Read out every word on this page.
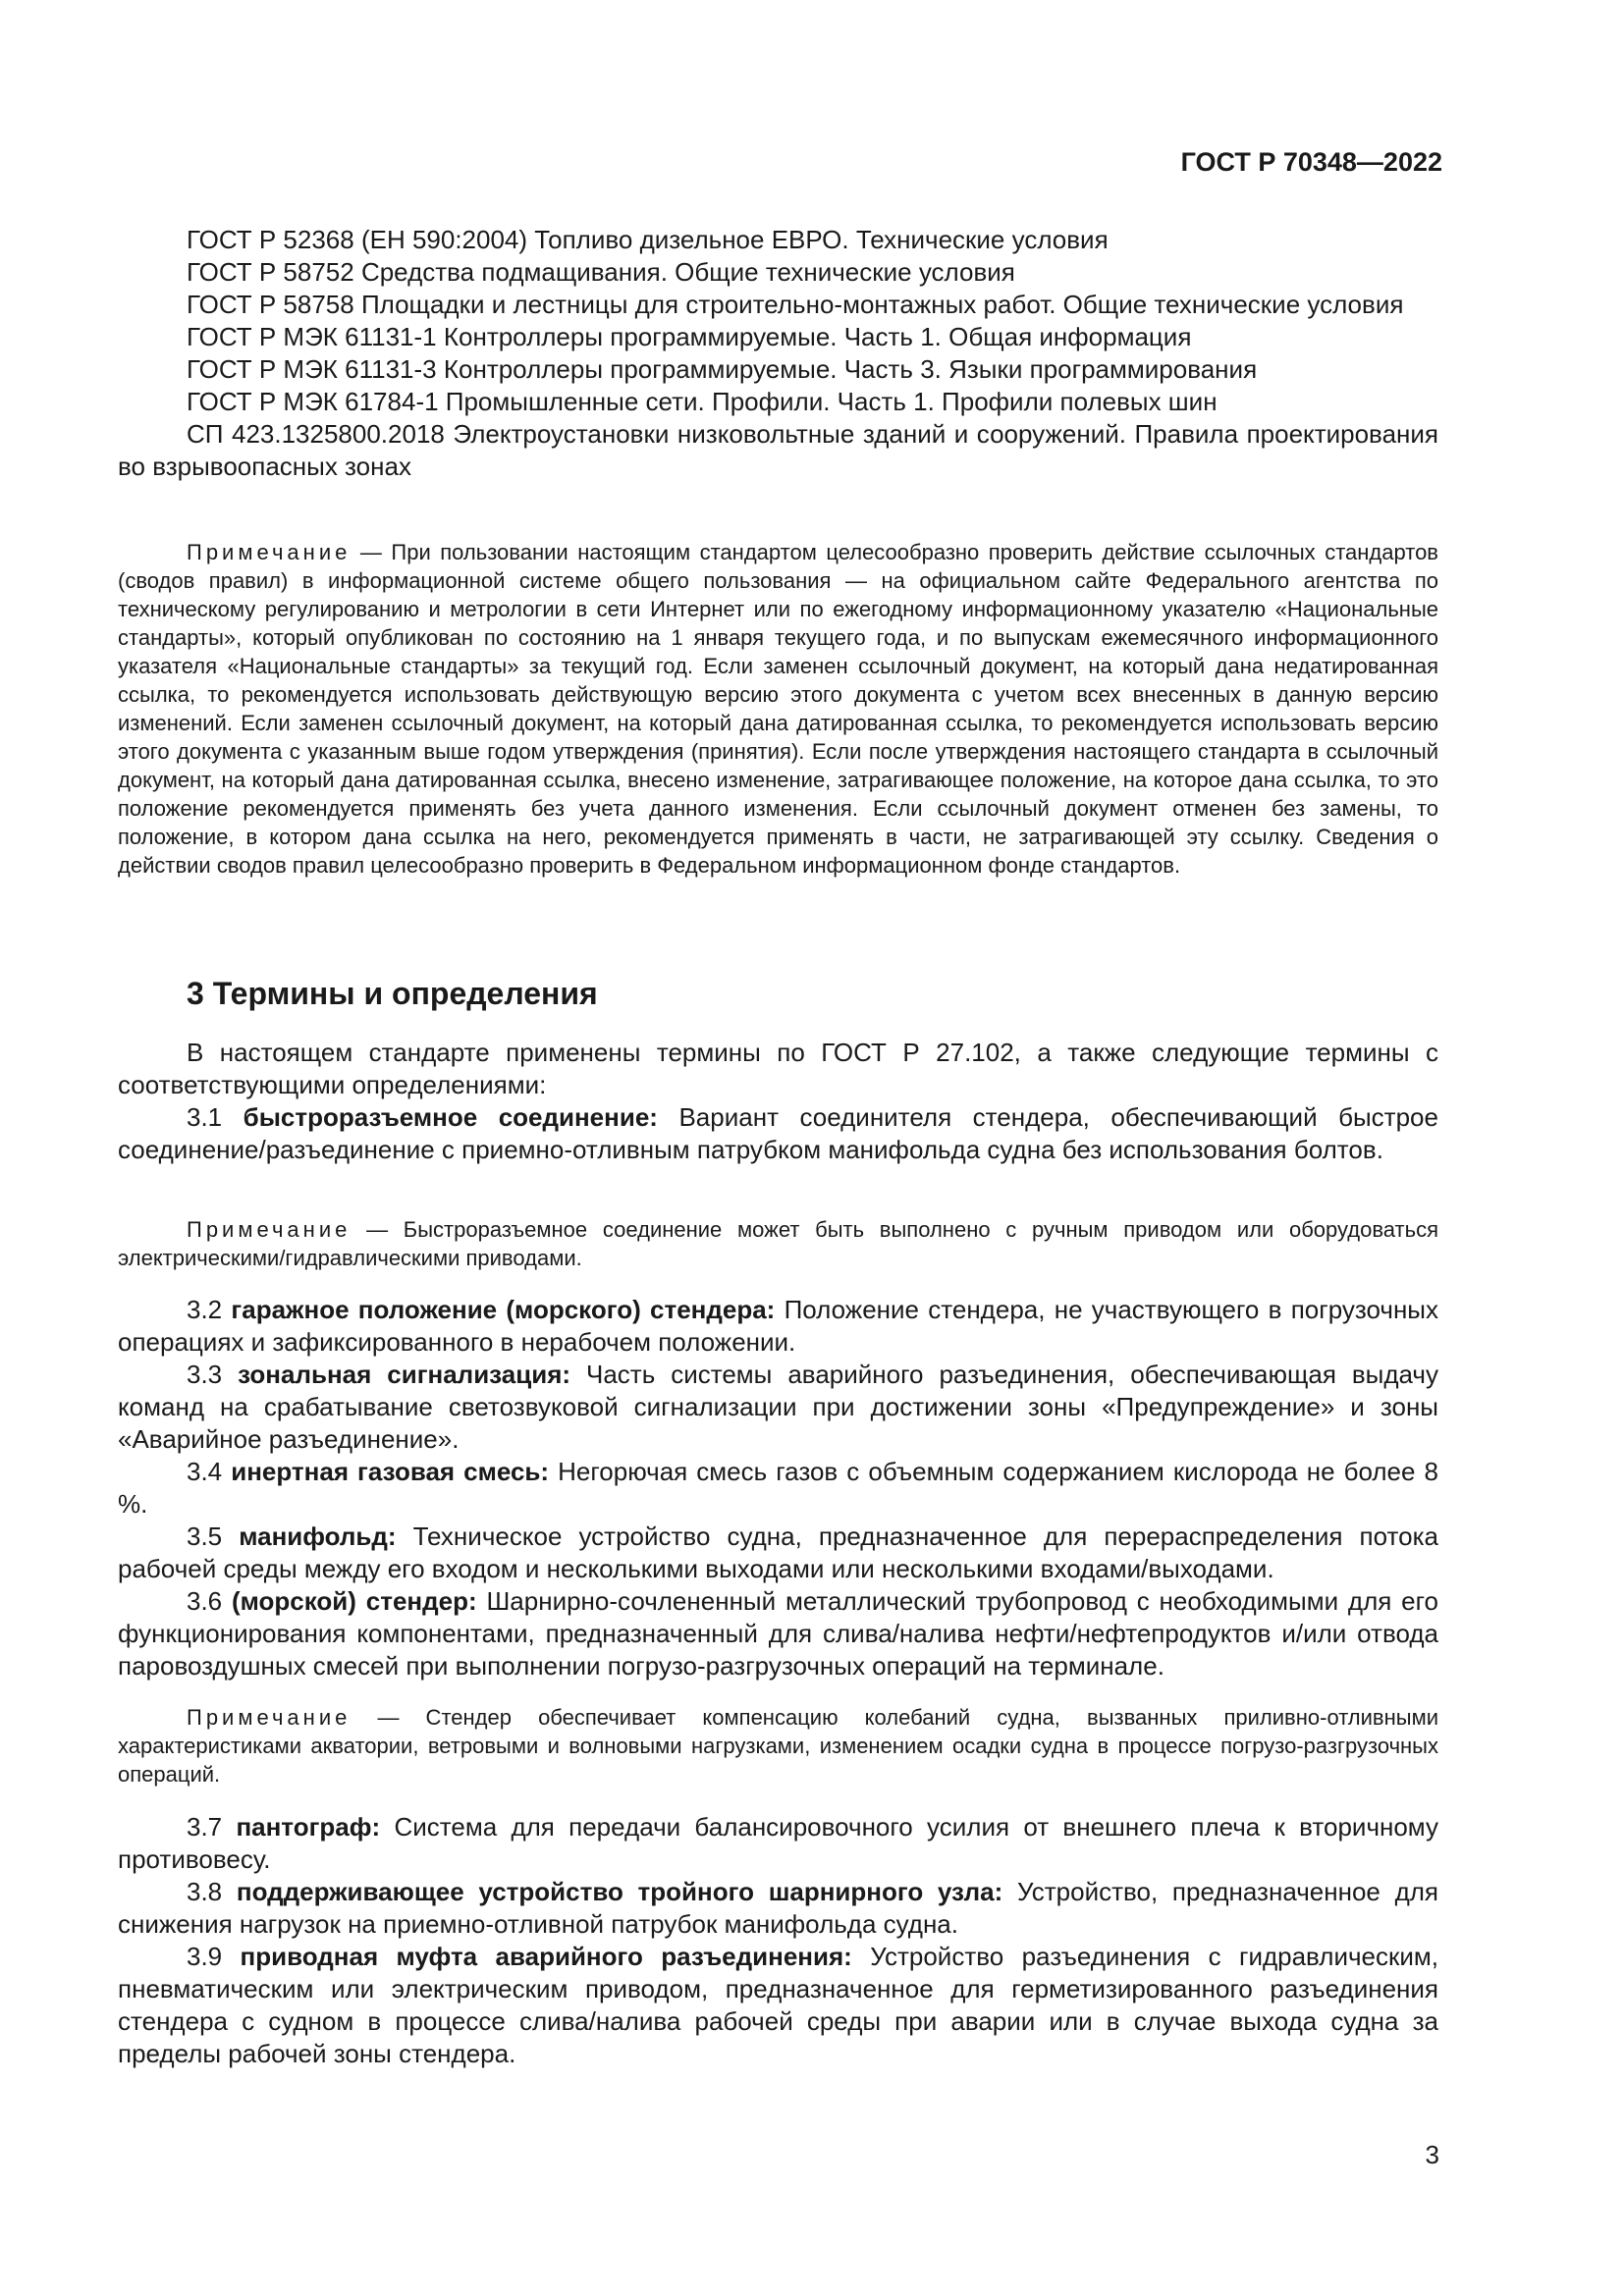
ГОСТ Р 70348—2022

ГОСТ Р 52368 (ЕН 590:2004) Топливо дизельное ЕВРО. Технические условия

ГОСТ Р 58752 Средства подмащивания. Общие технические условия

ГОСТ Р 58758 Площадки и лестницы для строительно-монтажных работ. Общие технические условия

ГОСТ Р МЭК 61131-1 Контроллеры программируемые. Часть 1. Общая информация

ГОСТ Р МЭК 61131-3 Контроллеры программируемые. Часть 3. Языки программирования

ГОСТ Р МЭК 61784-1 Промышленные сети. Профили. Часть 1. Профили полевых шин

СП 423.1325800.2018 Электроустановки низковольтные зданий и сооружений. Правила проектирования во взрывоопасных зонах

Примечание — При пользовании настоящим стандартом целесообразно проверить действие ссылочных стандартов (сводов правил) в информационной системе общего пользования — на официальном сайте Федерального агентства по техническому регулированию и метрологии в сети Интернет или по ежегодному информационному указателю «Национальные стандарты», который опубликован по состоянию на 1 января текущего года, и по выпускам ежемесячного информационного указателя «Национальные стандарты» за текущий год. Если заменен ссылочный документ, на который дана недатированная ссылка, то рекомендуется использовать действующую версию этого документа с учетом всех внесенных в данную версию изменений. Если заменен ссылочный документ, на который дана датированная ссылка, то рекомендуется использовать версию этого документа с указанным выше годом утверждения (принятия). Если после утверждения настоящего стандарта в ссылочный документ, на который дана датированная ссылка, внесено изменение, затрагивающее положение, на которое дана ссылка, то это положение рекомендуется применять без учета данного изменения. Если ссылочный документ отменен без замены, то положение, в котором дана ссылка на него, рекомендуется применять в части, не затрагивающей эту ссылку. Сведения о действии сводов правил целесообразно проверить в Федеральном информационном фонде стандартов.

3 Термины и определения

В настоящем стандарте применены термины по ГОСТ Р 27.102, а также следующие термины с соответствующими определениями:

3.1 быстроразъемное соединение: Вариант соединителя стендера, обеспечивающий быстрое соединение/разъединение с приемно-отливным патрубком манифольда судна без использования болтов.

Примечание — Быстроразъемное соединение может быть выполнено с ручным приводом или оборудоваться электрическими/гидравлическими приводами.

3.2 гаражное положение (морского) стендера: Положение стендера, не участвующего в погрузочных операциях и зафиксированного в нерабочем положении.

3.3 зональная сигнализация: Часть системы аварийного разъединения, обеспечивающая выдачу команд на срабатывание светозвуковой сигнализации при достижении зоны «Предупреждение» и зоны «Аварийное разъединение».

3.4 инертная газовая смесь: Негорючая смесь газов с объемным содержанием кислорода не более 8 %.

3.5 манифольд: Техническое устройство судна, предназначенное для перераспределения потока рабочей среды между его входом и несколькими выходами или несколькими входами/выходами.

3.6 (морской) стендер: Шарнирно-сочлененный металлический трубопровод с необходимыми для его функционирования компонентами, предназначенный для слива/налива нефти/нефтепродуктов и/или отвода паровоздушных смесей при выполнении погрузо-разгрузочных операций на терминале.

Примечание — Стендер обеспечивает компенсацию колебаний судна, вызванных приливно-отливными характеристиками акватории, ветровыми и волновыми нагрузками, изменением осадки судна в процессе погрузо-разгрузочных операций.

3.7 пантограф: Система для передачи балансировочного усилия от внешнего плеча к вторичному противовесу.

3.8 поддерживающее устройство тройного шарнирного узла: Устройство, предназначенное для снижения нагрузок на приемно-отливной патрубок манифольда судна.

3.9 приводная муфта аварийного разъединения: Устройство разъединения с гидравлическим, пневматическим или электрическим приводом, предназначенное для герметизированного разъединения стендера с судном в процессе слива/налива рабочей среды при аварии или в случае выхода судна за пределы рабочей зоны стендера.

3
